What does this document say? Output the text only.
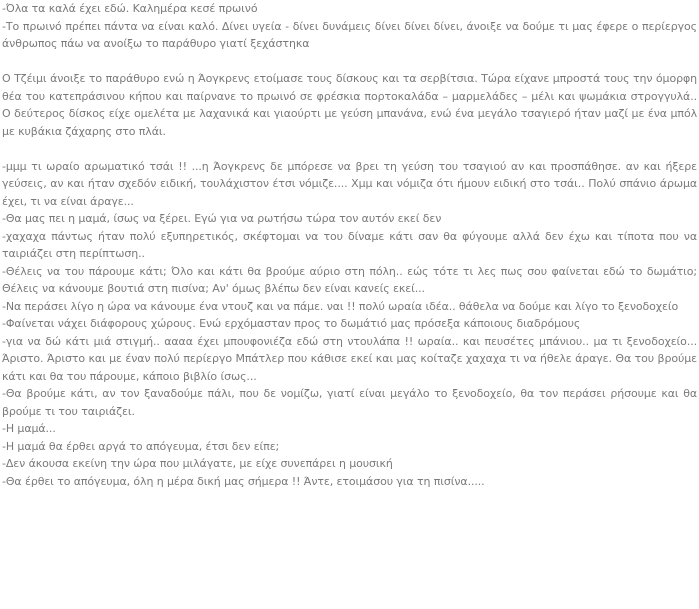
-Όλα τα καλά έχει εδώ. Καλημέρα κεσέ πρωινό

-Το πρωινό πρέπει πάντα να είναι καλό. Δίνει υγεία - δίνει δυνάμεις δίνει δίνει δίνει, άνοιξε να δούμε τι μας έφερε ο περίεργος άνθρωπος πάω να ανοίξω το παράθυρο γιατί ξεχάστηκα

Ο Τζέιμι άνοιξε το παράθυρο ενώ η Άογκρενς ετοίμασε τους δίσκους και τα σερβίτσια. Τώρα είχανε μπροστά τους την όμορφη θέα του κατεπράσινου κήπου και παίρνανε το πρωινό σε φρέσκια πορτοκαλάδα – μαρμελάδες – μέλι και ψωμάκια στρογγυλά.. Ο δεύτερος δίσκος είχε ομελέτα με λαχανικά και γιαούρτι με γεύση μπανάνα, ενώ ένα μεγάλο τσαγιερό ήταν μαζί με ένα μπόλ με κυβάκια ζάχαρης στο πλάι.

-μμμ τι ωραίο αρωματικό τσάι !! ...η Άογκρενς δε μπόρεσε να βρει τη γεύση του τσαγιού αν και προσπάθησε. αν και ήξερε γεύσεις, αν και ήταν σχεδόν ειδική, τουλάχιστον έτσι νόμιζε.... Χμμ και νόμιζα ότι ήμουν ειδική στο τσάι.. Πολύ σπάνιο άρωμα έχει, τι να είναι άραγε...

-Θα μας πει η μαμά, ίσως να ξέρει. Εγώ για να ρωτήσω τώρα τον αυτόν εκεί δεν

-χαχαχα πάντως ήταν πολύ εξυπηρετικός, σκέφτομαι να του δίναμε κάτι σαν θα φύγουμε αλλά δεν έχω και τίποτα που να ταιριάζει στη περίπτωση..

-Θέλεις να του πάρουμε κάτι; Όλο και κάτι θα βρούμε αύριο στη πόλη.. εώς τότε τι λες πως σου φαίνεται εδώ το δωμάτιο; Θέλεις να κάνουμε βουτιά στη πισίνα; Αν' όμως βλέπω δεν είναι κανείς εκεί...

-Να περάσει λίγο η ώρα να κάνουμε ένα ντουζ και να πάμε. ναι !! πολύ ωραία ιδέα.. θάθελα να δούμε και λίγο το ξενοδοχείο

-Φαίνεται νάχει διάφορους χώρους. Ενώ ερχόμασταν προς το δωμάτιό μας πρόσεξα κάποιους διαδρόμους

-για να δώ κάτι μιά στιγμή.. αααα έχει μπουφονιέζα εδώ στη ντουλάπα !! ωραία.. και πευσέτες μπάνιου.. μα τι ξενοδοχείο... Άριστο. Άριστο και με έναν πολύ περίεργο Μπάτλερ που κάθισε εκεί και μας κοίταζε χαχαχα τι να ήθελε άραγε. Θα του βρούμε κάτι και θα του πάρουμε, κάποιο βιβλίο ίσως...

-Θα βρούμε κάτι, αν τον ξαναδούμε πάλι, που δε νομίζω, γιατί είναι μεγάλο το ξενοδοχείο, θα τον περάσει ρήσουμε και θα βρούμε τι του ταιριάζει.

-Η μαμά...

-Η μαμά θα έρθει αργά το απόγευμα, έτσι δεν είπε;

-Δεν άκουσα εκείνη την ώρα που μιλάγατε, με είχε συνεπάρει η μουσική

-Θα έρθει το απόγευμα, όλη η μέρα δική μας σήμερα !! Άντε, ετοιμάσου για τη πισίνα.....
